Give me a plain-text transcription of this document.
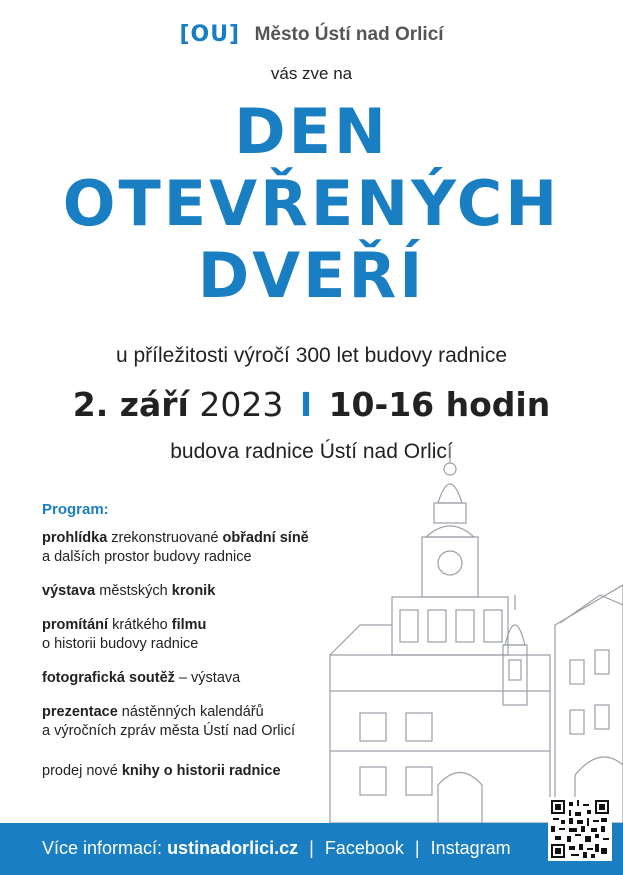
[OU] Město Ústí nad Orlicí
vás zve na
DEN
OTEVŘENÝCH
DVEŘÍ
u příležitosti výročí 300 let budovy radnice
2. září 2023 I 10-16 hodin
budova radnice Ústí nad Orlicí
Program:
prohlídka zrekonstruované obřadní síně
a dalších prostor budovy radnice
výstava městských kronik
promítání krátkého filmu
o historii budovy radnice
fotografická soutěž – výstava
prezentace nástěnných kalendářů
a výročních zpráv města Ústí nad Orlicí
prodej nové knihy o historii radnice
Více informací: ustinadorlici.cz | Facebook | Instagram
